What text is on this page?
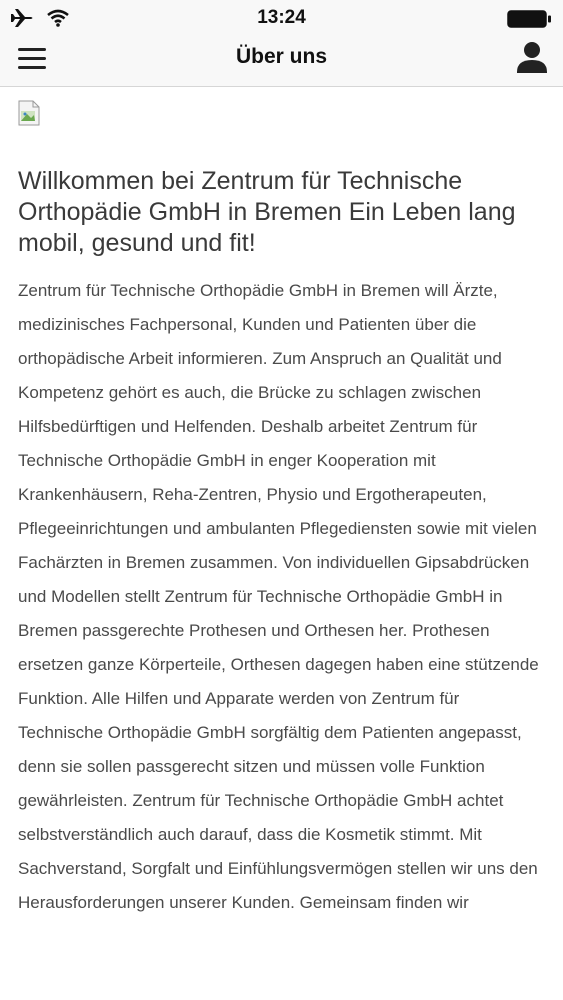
13:24
Über uns
Willkommen bei Zentrum für Technische Orthopädie GmbH in Bremen Ein Leben lang mobil, gesund und fit!

Zentrum für Technische Orthopädie GmbH in Bremen will Ärzte, medizinisches Fachpersonal, Kunden und Patienten über die orthopädische Arbeit informieren. Zum Anspruch an Qualität und Kompetenz gehört es auch, die Brücke zu schlagen zwischen Hilfsbedürftigen und Helfenden. Deshalb arbeitet Zentrum für Technische Orthopädie GmbH in enger Kooperation mit Krankenhäusern, Reha-Zentren, Physio und Ergotherapeuten, Pflegeeinrichtungen und ambulanten Pflegediensten sowie mit vielen Fachärzten in Bremen zusammen. Von individuellen Gipsabdrücken und Modellen stellt Zentrum für Technische Orthopädie GmbH in Bremen passgerechte Prothesen und Orthesen her. Prothesen ersetzen ganze Körperteile, Orthesen dagegen haben eine stützende Funktion. Alle Hilfen und Apparate werden von Zentrum für Technische Orthopädie GmbH sorgfältig dem Patienten angepasst, denn sie sollen passgerecht sitzen und müssen volle Funktion gewährleisten. Zentrum für Technische Orthopädie GmbH achtet selbstverständlich auch darauf, dass die Kosmetik stimmt. Mit Sachverstand, Sorgfalt und Einfühlungsvermögen stellen wir uns den Herausforderungen unserer Kunden. Gemeinsam finden wir
